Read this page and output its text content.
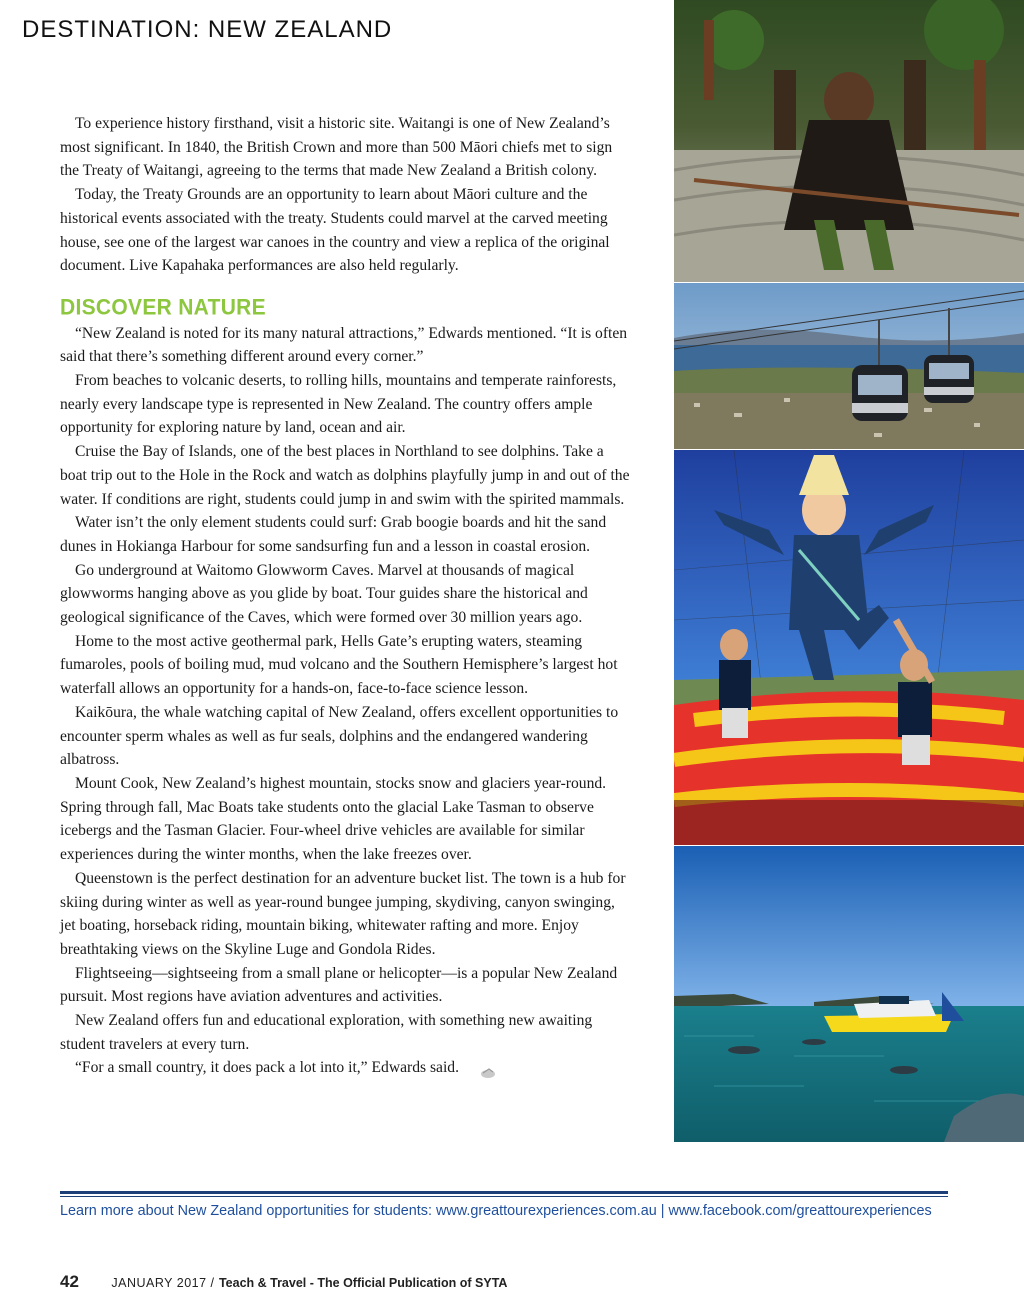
DESTINATION: NEW ZEALAND

To experience history firsthand, visit a historic site. Waitangi is one of New Zealand’s most significant. In 1840, the British Crown and more than 500 Māori chiefs met to sign the Treaty of Waitangi, agreeing to the terms that made New Zealand a British colony.

Today, the Treaty Grounds are an opportunity to learn about Māori culture and the historical events associated with the treaty. Students could marvel at the carved meeting house, see one of the largest war canoes in the country and view a replica of the original document. Live Kapahaka performances are also held regularly.

DISCOVER NATURE

“New Zealand is noted for its many natural attractions,” Edwards mentioned. “It is often said that there’s something different around every corner.”

From beaches to volcanic deserts, to rolling hills, mountains and temperate rainforests, nearly every landscape type is represented in New Zealand. The country offers ample opportunity for exploring nature by land, ocean and air.

Cruise the Bay of Islands, one of the best places in Northland to see dolphins. Take a boat trip out to the Hole in the Rock and watch as dolphins playfully jump in and out of the water. If conditions are right, students could jump in and swim with the spirited mammals.

Water isn’t the only element students could surf: Grab boogie boards and hit the sand dunes in Hokianga Harbour for some sandsurfing fun and a lesson in coastal erosion.

Go underground at Waitomo Glowworm Caves. Marvel at thousands of magical glowworms hanging above as you glide by boat. Tour guides share the historical and geological significance of the Caves, which were formed over 30 million years ago.

Home to the most active geothermal park, Hells Gate’s erupting waters, steaming fumaroles, pools of boiling mud, mud volcano and the Southern Hemisphere’s largest hot waterfall allows an opportunity for a hands-on, face-to-face science lesson.

Kaikōura, the whale watching capital of New Zealand, offers excellent opportunities to encounter sperm whales as well as fur seals, dolphins and the endangered wandering albatross.

Mount Cook, New Zealand’s highest mountain, stocks snow and glaciers year-round. Spring through fall, Mac Boats take students onto the glacial Lake Tasman to observe icebergs and the Tasman Glacier. Four-wheel drive vehicles are available for similar experiences during the winter months, when the lake freezes over.

Queenstown is the perfect destination for an adventure bucket list. The town is a hub for skiing during winter as well as year-round bungee jumping, skydiving, canyon swinging, jet boating, horseback riding, mountain biking, whitewater rafting and more. Enjoy breathtaking views on the Skyline Luge and Gondola Rides.

Flightseeing—sightseeing from a small plane or helicopter—is a popular New Zealand pursuit. Most regions have aviation adventures and activities.

New Zealand offers fun and educational exploration, with something new awaiting student travelers at every turn.

“For a small country, it does pack a lot into it,” Edwards said.

Learn more about New Zealand opportunities for students: www.greattourexperiences.com.au | www.facebook.com/greattourexperiences
42	JANUARY 2017 / Teach & Travel - The Official Publication of SYTA
